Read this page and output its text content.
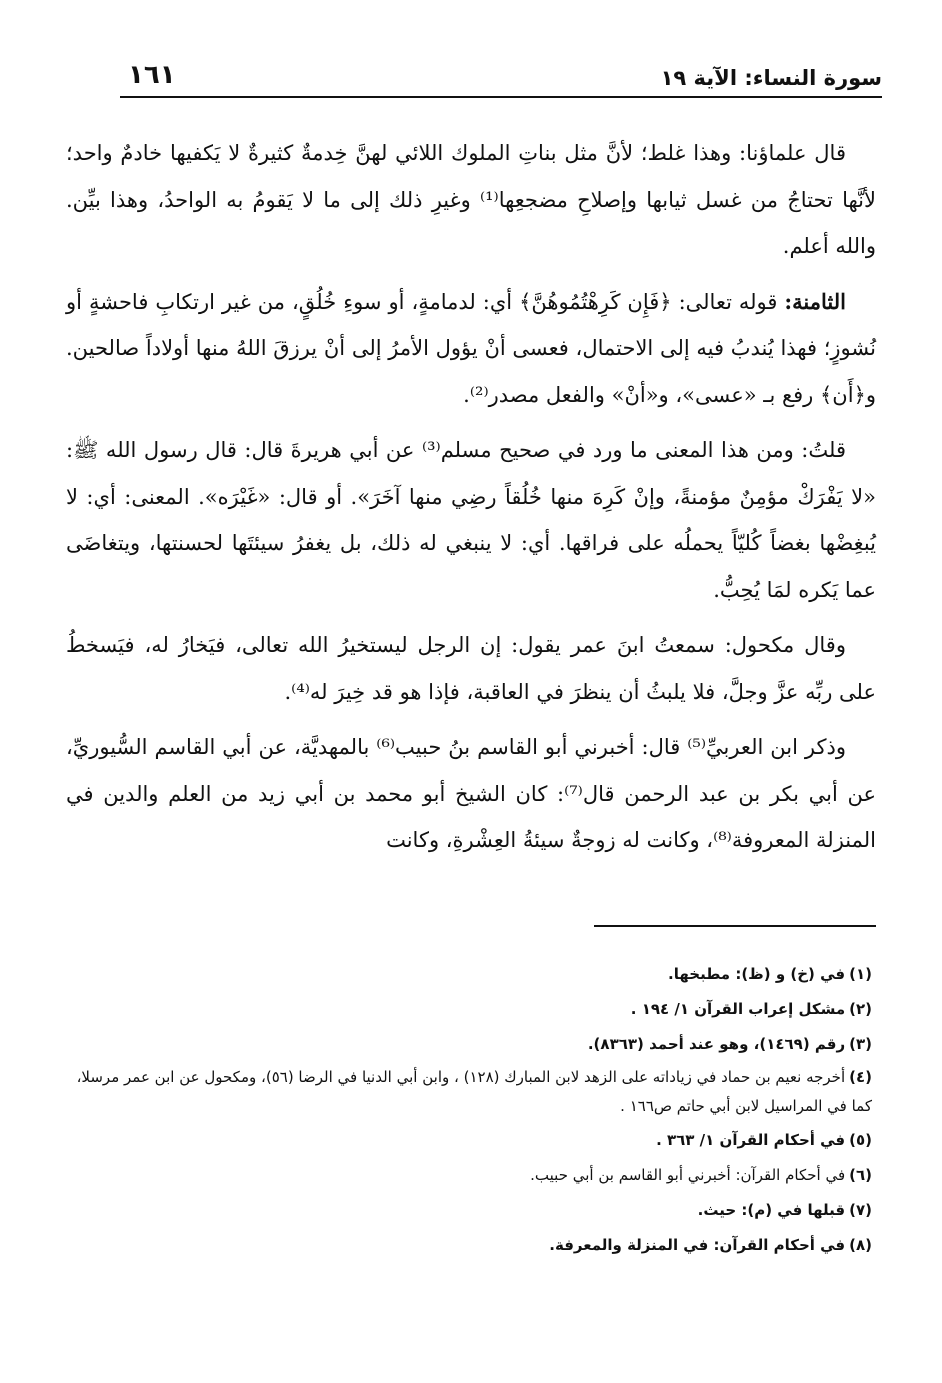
سورة النساء: الآية ١٩
١٦١

قال علماؤنا: وهذا غلط؛ لأنَّ مثل بناتِ الملوك اللائي لهنَّ خِدمةٌ كثيرةٌ لا يَكفيها خادمٌ واحد؛ لأنَّها تحتاجُ من غسل ثيابها وإصلاحِ مضجعِها⁽¹⁾ وغيرِ ذلك إلى ما لا يَقومُ به الواحدُ، وهذا بيِّن. والله أعلم.

الثامنة: قوله تعالى: ﴿فَإِن كَرِهْتُمُوهُنَّ﴾ أي: لدمامةٍ، أو سوءِ خُلُقٍ، من غير ارتكابِ فاحشةٍ أو نُشوزٍ؛ فهذا يُندبُ فيه إلى الاحتمال، فعسى أنْ يؤول الأمرُ إلى أنْ يرزقَ اللهُ منها أولاداً صالحين. و﴿أَن﴾ رفع بـ «عسى»، و«أنْ» والفعل مصدر⁽²⁾.

قلتُ: ومن هذا المعنى ما ورد في صحيح مسلم⁽³⁾ عن أبي هريرةَ قال: قال رسول الله ﷺ: «لا يَفْرَكْ مؤمِنٌ مؤمنةً، وإنْ كَرِهَ منها خُلُقاً رضِي منها آخَرَ». أو قال: «غَيْرَه». المعنى: أي: لا يُبغِضْها بغضاً كُليّاً يحملُه على فراقها. أي: لا ينبغي له ذلك، بل يغفرُ سيئتَها لحسنتها، ويتغاضَى عما يَكره لمَا يُحِبُّ.

وقال مكحول: سمعتُ ابنَ عمر يقول: إن الرجل ليستخيرُ الله تعالى، فيَخارُ له، فيَسخطُ على ربِّه عزَّ وجلَّ، فلا يلبثُ أن ينظرَ في العاقبة، فإذا هو قد خِيرَ له⁽⁴⁾.

وذكر ابن العربيِّ⁽⁵⁾ قال: أخبرني أبو القاسم بنُ حبيب⁽⁶⁾ بالمهديَّة، عن أبي القاسم السُّيوريِّ، عن أبي بكر بن عبد الرحمن قال⁽⁷⁾: كان الشيخ أبو محمد بن أبي زيد من العلم والدين في المنزلة المعروفة⁽⁸⁾، وكانت له زوجةٌ سيئةُ العِشْرةِ، وكانت

(١)في (خ) و (ظ): مطبخها.
(٢)مشكل إعراب القرآن ١/ ١٩٤ .
(٣)رقم (١٤٦٩)، وهو عند أحمد (٨٣٦٣).
(٤)أخرجه نعيم بن حماد في زياداته على الزهد لابن المبارك (١٢٨) ، وابن أبي الدنيا في الرضا (٥٦)، ومكحول عن ابن عمر مرسلا، كما في المراسيل لابن أبي حاتم ص١٦٦ .
(٥)في أحكام القرآن ١/ ٣٦٣ .
(٦)في أحكام القرآن: أخبرني أبو القاسم بن أبي حبيب.
(٧)قبلها في (م): حيث.
(٨)في أحكام القرآن: في المنزلة والمعرفة.
